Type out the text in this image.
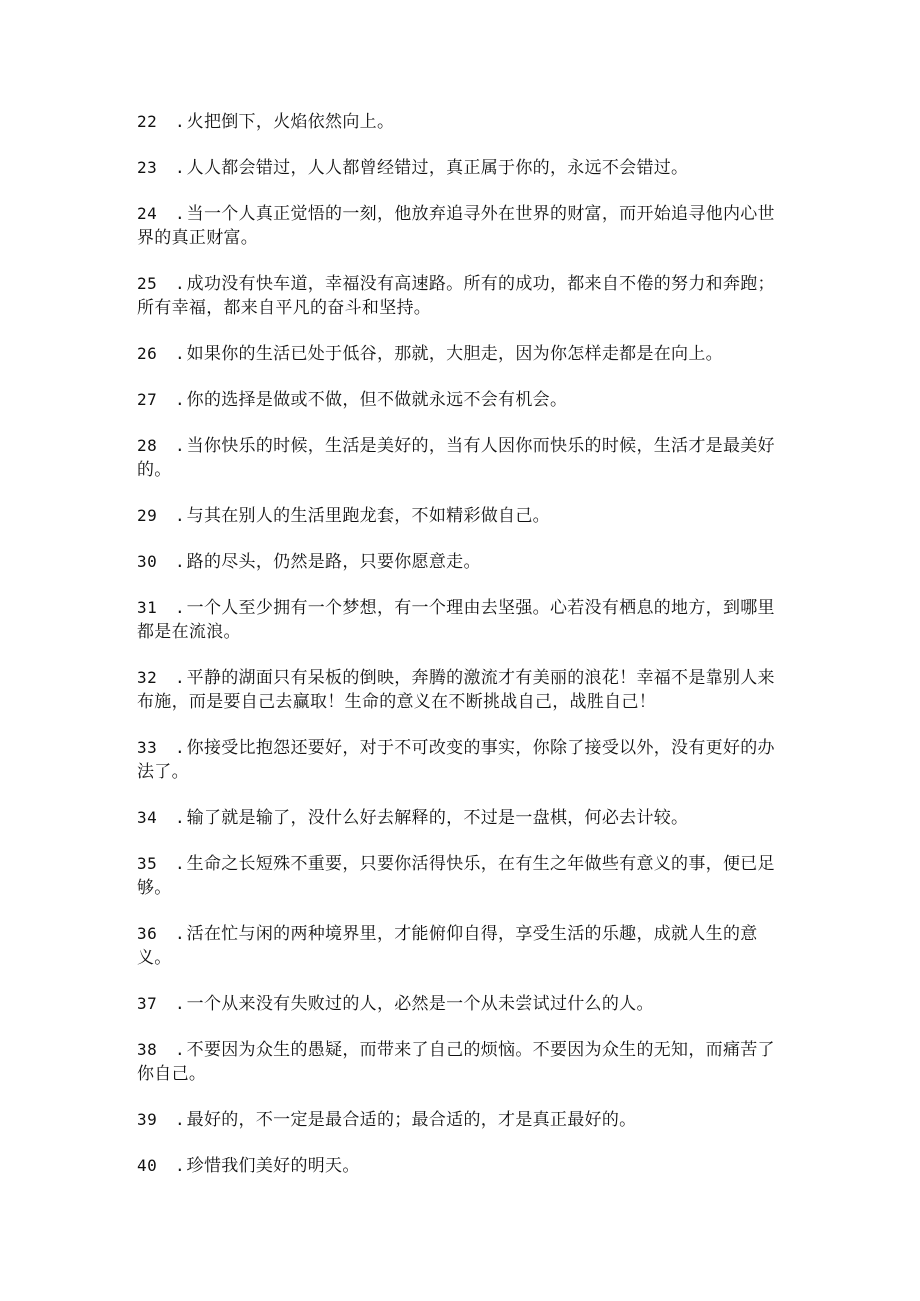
22 . 火把倒下，火焰依然向上。

23 . 人人都会错过，人人都曾经错过，真正属于你的，永远不会错过。

24 . 当一个人真正觉悟的一刻，他放弃追寻外在世界的财富，而开始追寻他内心世界的真正财富。

25 . 成功没有快车道，幸福没有高速路。所有的成功，都来自不倦的努力和奔跑；所有幸福，都来自平凡的奋斗和坚持。

26 . 如果你的生活已处于低谷，那就，大胆走，因为你怎样走都是在向上。

27 . 你的选择是做或不做，但不做就永远不会有机会。

28 . 当你快乐的时候，生活是美好的，当有人因你而快乐的时候，生活才是最美好的。

29 . 与其在别人的生活里跑龙套，不如精彩做自己。

30 . 路的尽头，仍然是路，只要你愿意走。

31 . 一个人至少拥有一个梦想，有一个理由去坚强。心若没有栖息的地方，到哪里都是在流浪。

32 . 平静的湖面只有呆板的倒映，奔腾的激流才有美丽的浪花！幸福不是靠别人来布施，而是要自己去赢取！生命的意义在不断挑战自己，战胜自己！

33 . 你接受比抱怨还要好，对于不可改变的事实，你除了接受以外，没有更好的办法了。

34 . 输了就是输了，没什么好去解释的，不过是一盘棋，何必去计较。

35 . 生命之长短殊不重要，只要你活得快乐，在有生之年做些有意义的事，便已足够。

36 . 活在忙与闲的两种境界里，才能俯仰自得，享受生活的乐趣，成就人生的意义。

37 . 一个从来没有失败过的人，必然是一个从未尝试过什么的人。

38 . 不要因为众生的愚疑，而带来了自己的烦恼。不要因为众生的无知，而痛苦了你自己。

39 . 最好的，不一定是最合适的；最合适的，才是真正最好的。

40 . 珍惜我们美好的明天。
